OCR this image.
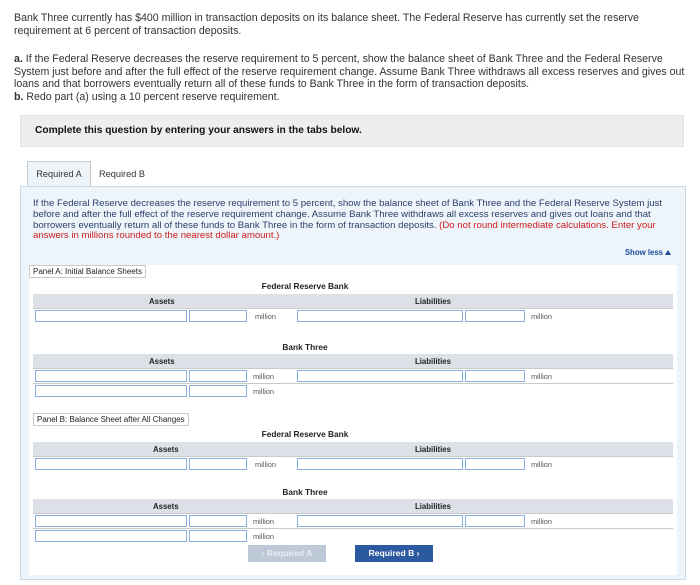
Bank Three currently has $400 million in transaction deposits on its balance sheet. The Federal Reserve has currently set the reserve requirement at 6 percent of transaction deposits.

a. If the Federal Reserve decreases the reserve requirement to 5 percent, show the balance sheet of Bank Three and the Federal Reserve System just before and after the full effect of the reserve requirement change. Assume Bank Three withdraws all excess reserves and gives out loans and that borrowers eventually return all of these funds to Bank Three in the form of transaction deposits.

b. Redo part (a) using a 10 percent reserve requirement.

Complete this question by entering your answers in the tabs below.
Required A	Required B
If the Federal Reserve decreases the reserve requirement to 5 percent, show the balance sheet of Bank Three and the Federal Reserve System just before and after the full effect of the reserve requirement change. Assume Bank Three withdraws all excess reserves and gives out loans and that borrowers eventually return all of these funds to Bank Three in the form of transaction deposits. (Do not round intermediate calculations. Enter your answers in millions rounded to the nearest dollar amount.)
Show less
Panel A: Initial Balance Sheets
Federal Reserve Bank
Assets	Liabilities
million	million
Bank Three
Assets	Liabilities
million	million
million
Panel B: Balance Sheet after All Changes
Federal Reserve Bank
Assets	Liabilities
million	million
Bank Three
Assets	Liabilities
million	million
million
‹ Required A	Required B ›
